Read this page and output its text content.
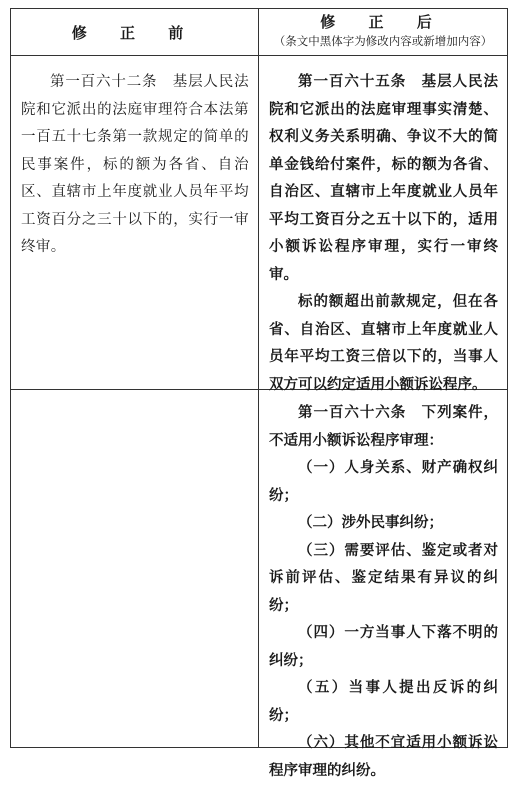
修 正 前
修 正 后
（条文中黑体字为修改内容或新增加内容）

第一百六十二条　基层人民法院和它派出的法庭审理符合本法第一百五十七条第一款规定的简单的民事案件，标的额为各省、自治区、直辖市上年度就业人员年平均工资百分之三十以下的，实行一审终审。

第一百六十五条　基层人民法院和它派出的法庭审理事实清楚、权利义务关系明确、争议不大的简单金钱给付案件，标的额为各省、自治区、直辖市上年度就业人员年平均工资百分之五十以下的，适用小额诉讼程序审理，实行一审终审。

标的额超出前款规定，但在各省、自治区、直辖市上年度就业人员年平均工资三倍以下的，当事人双方可以约定适用小额诉讼程序。

第一百六十六条　下列案件，不适用小额诉讼程序审理：

（一）人身关系、财产确权纠纷；

（二）涉外民事纠纷；

（三）需要评估、鉴定或者对诉前评估、鉴定结果有异议的纠纷；

（四）一方当事人下落不明的纠纷；

（五）当事人提出反诉的纠纷；

（六）其他不宜适用小额诉讼程序审理的纠纷。
